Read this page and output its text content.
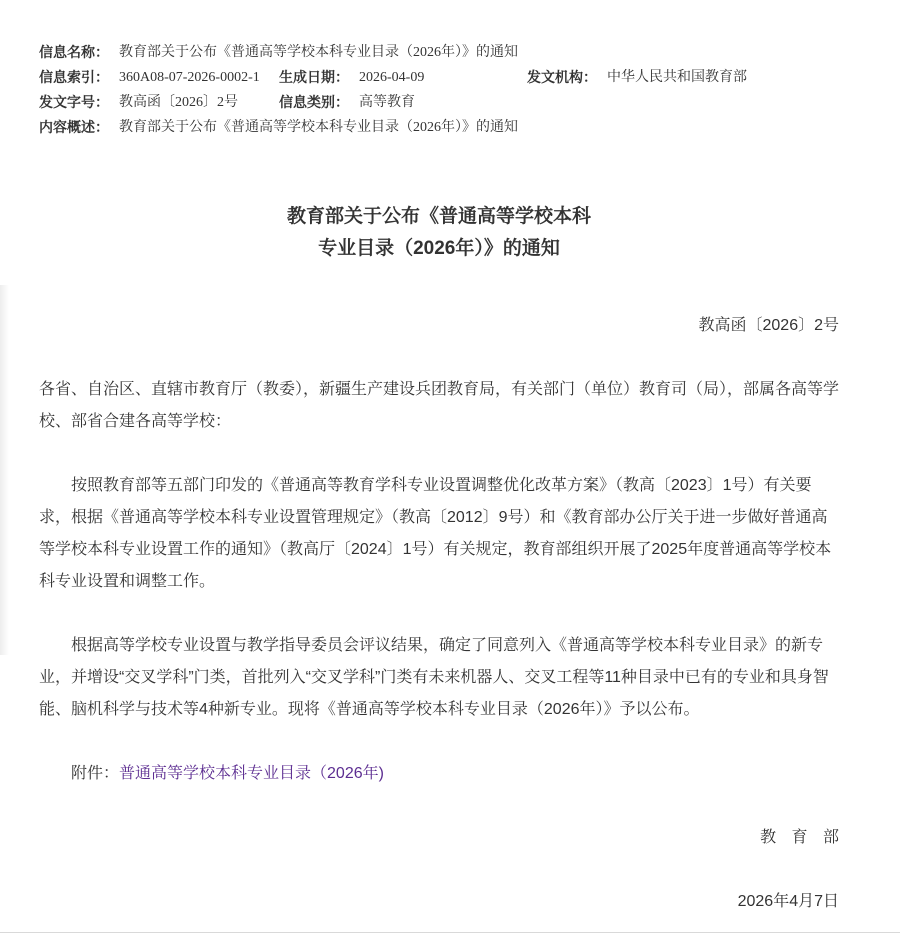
信息名称： 教育部关于公布《普通高等学校本科专业目录（2026年）》的通知
信息索引： 360A08-07-2026-0002-1 生成日期： 2026-04-09	发文机构： 中华人民共和国教育部
发文字号： 教高函〔2026〕2号	信息类别： 高等教育
内容概述： 教育部关于公布《普通高等学校本科专业目录（2026年）》的通知
教育部关于公布《普通高等学校本科
专业目录（2026年）》的通知

教高函〔2026〕2号

各省、自治区、直辖市教育厅（教委），新疆生产建设兵团教育局，有关部门（单位）教育司（局），部属各高等学校、部省合建各高等学校：

按照教育部等五部门印发的《普通高等教育学科专业设置调整优化改革方案》（教高〔2023〕1号）有关要求，根据《普通高等学校本科专业设置管理规定》（教高〔2012〕9号）和《教育部办公厅关于进一步做好普通高等学校本科专业设置工作的通知》（教高厅〔2024〕1号）有关规定，教育部组织开展了2025年度普通高等学校本科专业设置和调整工作。

根据高等学校专业设置与教学指导委员会评议结果，确定了同意列入《普通高等学校本科专业目录》的新专业，并增设“交叉学科”门类，首批列入“交叉学科”门类有未来机器人、交叉工程等11种目录中已有的专业和具身智能、脑机科学与技术等4种新专业。现将《普通高等学校本科专业目录（2026年）》予以公布。

附件：普通高等学校本科专业目录（2026年)

教 育 部

2026年4月7日
